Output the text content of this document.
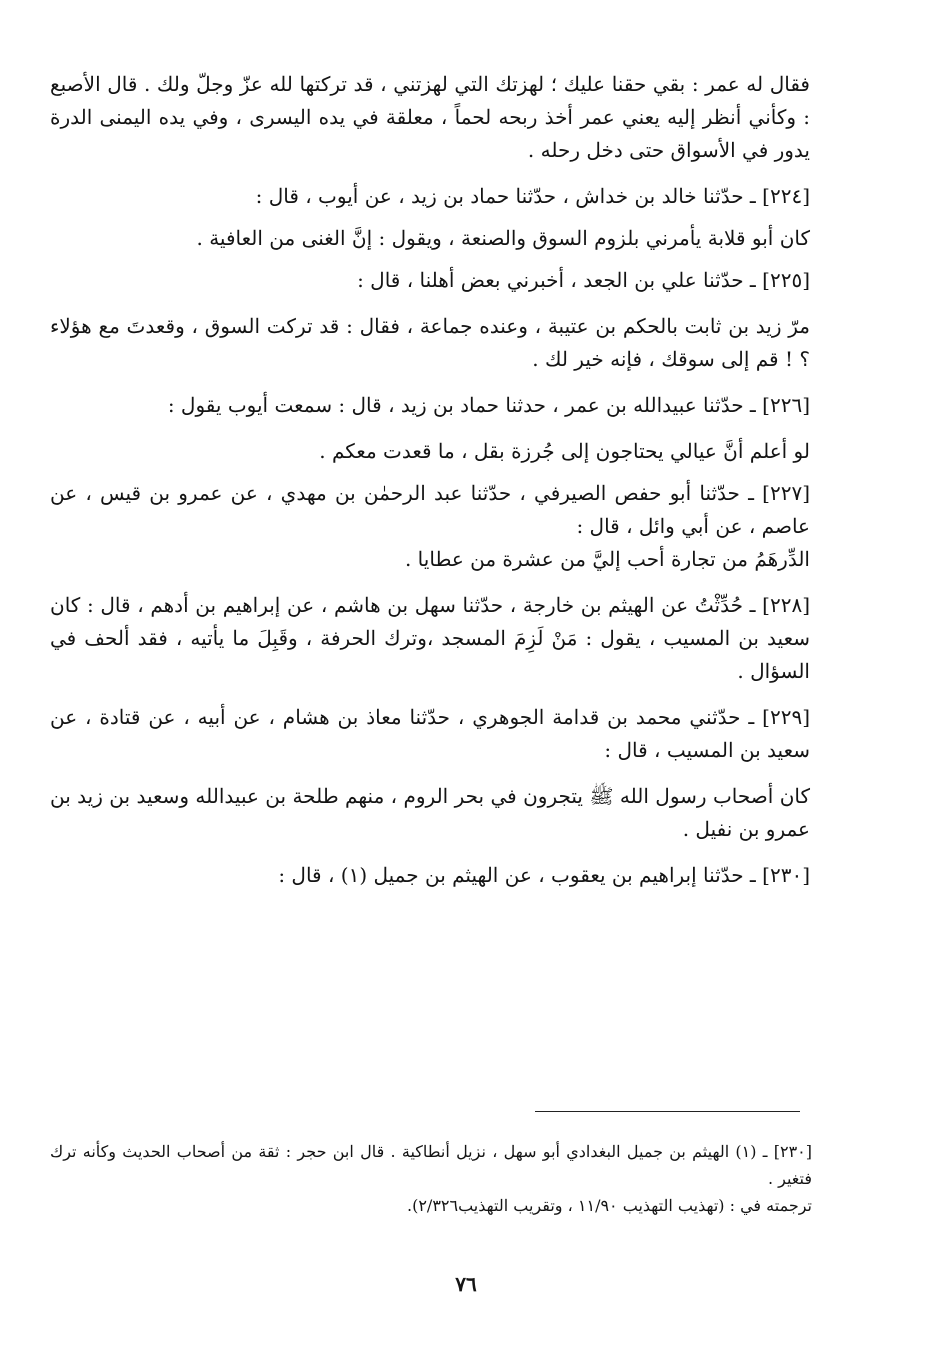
فقال له عمر : بقي حقنا عليك ؛ لهزتك التي لهزتني ، قد تركتها لله عزّ وجلّ ولك . قال الأصبع : وكأني أنظر إليه يعني عمر أخذ ربحه لحماً ، معلقة في يده اليسرى ، وفي يده اليمنى الدرة يدور في الأسواق حتى دخل رحله .

[٢٢٤] ـ حدّثنا خالد بن خداش ، حدّثنا حماد بن زيد ، عن أيوب ، قال :

كان أبو قلابة يأمرني بلزوم السوق والصنعة ، ويقول : إنَّ الغنى من العافية .

[٢٢٥] ـ حدّثنا علي بن الجعد ، أخبرني بعض أهلنا ، قال :

مرّ زيد بن ثابت بالحكم بن عتيبة ، وعنده جماعة ، فقال : قد تركت السوق ، وقعدتَ مع هؤلاء ؟ ! قم إلى سوقك ، فإنه خير لك .

[٢٢٦] ـ حدّثنا عبيدالله بن عمر ، حدثنا حماد بن زيد ، قال : سمعت أيوب يقول :

لو أعلم أنَّ عيالي يحتاجون إلى جُرزة بقل ، ما قعدت معكم .

[٢٢٧] ـ حدّثنا أبو حفص الصيرفي ، حدّثنا عبد الرحمٰن بن مهدي ، عن عمرو بن قيس ، عن عاصم ، عن أبي وائل ، قال :

الدِّرهَمُ من تجارة أحب إليَّ من عشرة من عطايا .

[٢٢٨] ـ حُدِّثْتُ عن الهيثم بن خارجة ، حدّثنا سهل بن هاشم ، عن إبراهيم بن أدهم ، قال : كان سعيد بن المسيب ، يقول : مَنْ لَزِمَ المسجد ،وترك الحرفة ، وقَبِلَ ما يأتيه ، فقد ألحف في السؤال .

[٢٢٩] ـ حدّثني محمد بن قدامة الجوهري ، حدّثنا معاذ بن هشام ، عن أبيه ، عن قتادة ، عن سعيد بن المسيب ، قال :

كان أصحاب رسول الله ﷺ يتجرون في بحر الروم ، منهم طلحة بن عبيدالله وسعيد بن زيد بن عمرو بن نفيل .

[٢٣٠] ـ حدّثنا إبراهيم بن يعقوب ، عن الهيثم بن جميل (١) ، قال :

[٢٣٠] ـ (١) الهيثم بن جميل البغدادي أبو سهل ، نزيل أنطاكية . قال ابن حجر : ثقة من أصحاب الحديث وكأنه ترك فتغير .

ترجمته في : (تهذيب التهذيب ١١/٩٠ ، وتقريب التهذيب٢/٣٢٦).

٧٦
